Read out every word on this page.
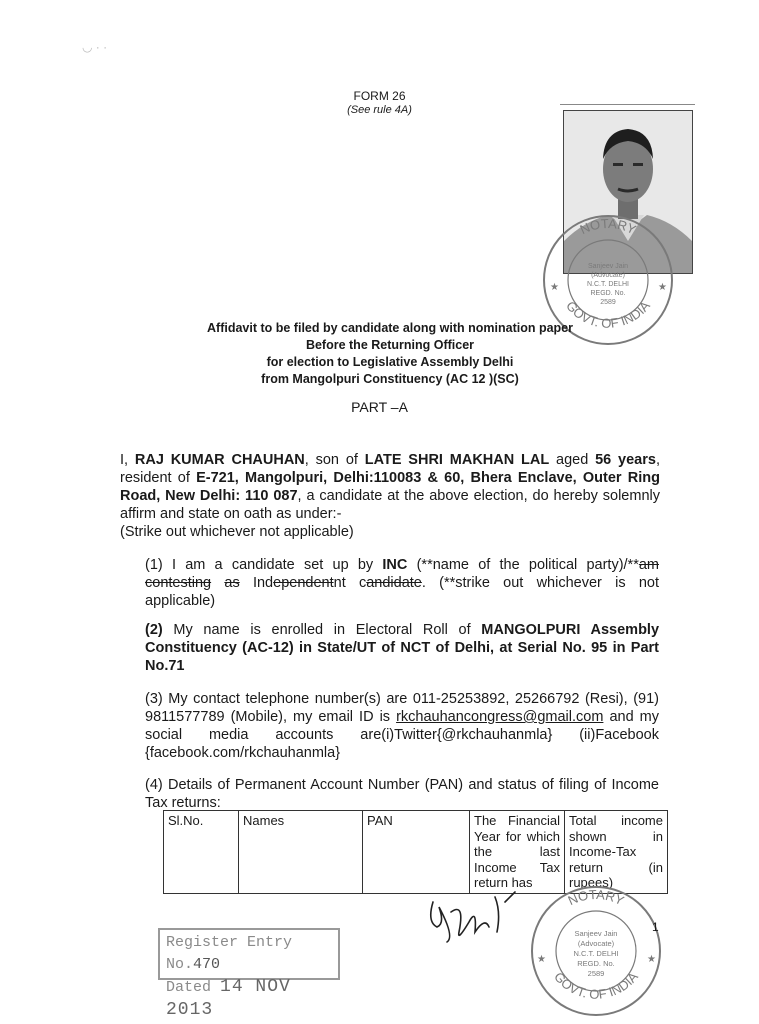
◡ · ·
FORM 26
(See rule 4A)
NOTARY
GOVT. OF INDIA
Sanjeev Jain
(Advocate)
N.C.T. DELHI
REGD. No.
2589
★	★
Affidavit to be filed by candidate along with nomination paper
Before the Returning Officer
for election to Legislative Assembly Delhi
from Mangolpuri Constituency (AC 12 )(SC)
PART –A
I, RAJ KUMAR CHAUHAN, son of LATE SHRI MAKHAN LAL aged 56 years, resident of E-721, Mangolpuri, Delhi:110083 & 60, Bhera Enclave, Outer Ring Road, New Delhi: 110 087, a candidate at the above election, do hereby solemnly affirm and state on oath as under:-
(Strike out whichever not applicable)
(1) I am a candidate set up by INC (**name of the political party)/**am contesting as Independentnt candidate. (**strike out whichever is not applicable)
(2) My name is enrolled in Electoral Roll of MANGOLPURI Assembly Constituency (AC-12) in State/UT of NCT of Delhi, at Serial No. 95 in Part No.71
(3) My contact telephone number(s) are 011-25253892, 25266792 (Resi), (91) 9811577789 (Mobile), my email ID is rkchauhancongress@gmail.com and my social media accounts are(i)Twitter{@rkchauhanmla} (ii)Facebook {facebook.com/rkchauhanmla}
(4) Details of Permanent Account Number (PAN) and status of filing of Income Tax returns:
Sl.No.	Names	PAN	The Financial Year for which the last Income Tax return has	Total income shown in Income-Tax return (in rupees)
Register Entry No.470
Dated 14 NOV 2013
NOTARY
GOVT. OF INDIA
Sanjeev Jain
(Advocate)
N.C.T. DELHI
REGD. No.
2589
★	★
1
